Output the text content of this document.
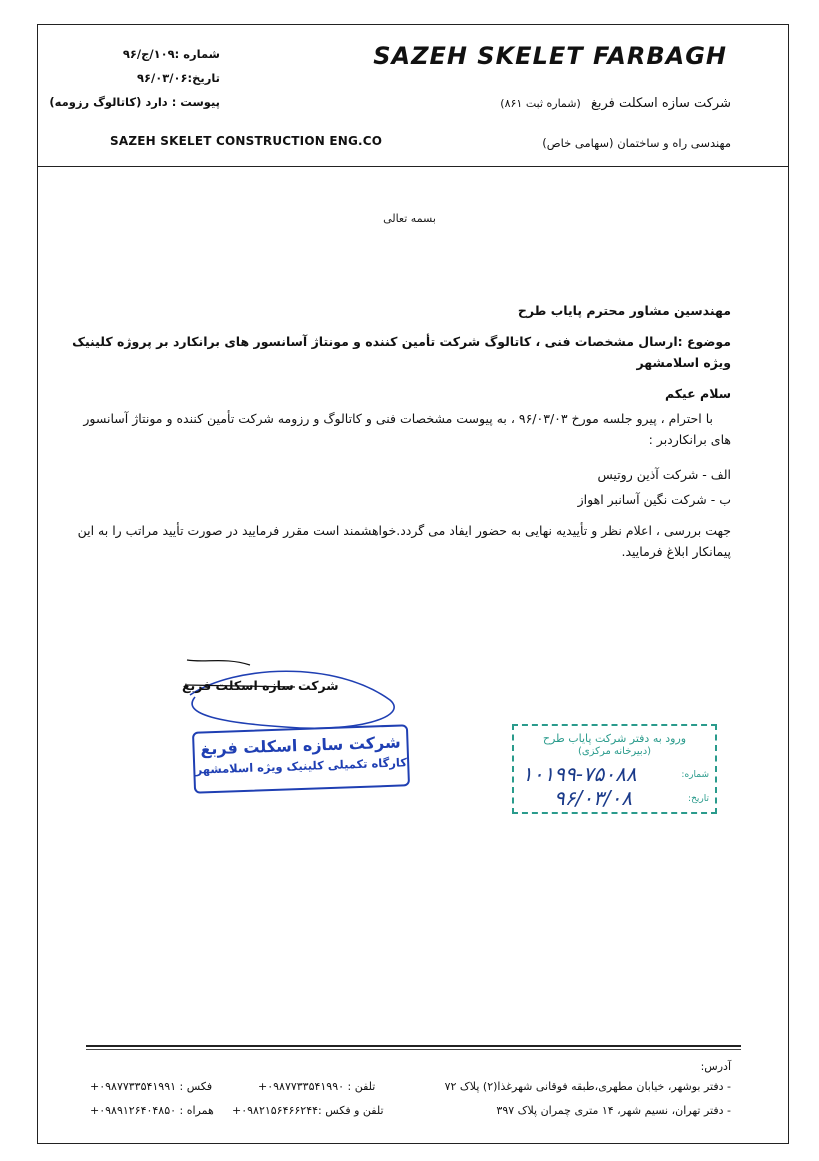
SAZEH SKELET FARBAGH
شرکت سازه اسکلت فربغ (شماره ثبت ۸۶۱)
مهندسی راه و ساختمان (سهامی خاص)
شماره :۱۰۹/ج/۹۶
تاریخ:۹۶/۰۳/۰۶
پیوست : دارد (کاتالوگ رزومه)
SAZEH SKELET CONSTRUCTION ENG.CO
بسمه تعالی
مهندسین مشاور محترم پایاب طرح
موضوع :ارسال مشخصات فنی ، کاتالوگ شرکت تأمین کننده و مونتاژ آسانسور های برانکارد بر پروژه کلینیک ویژه اسلامشهر
سلام عیکم
با احترام ، پیرو جلسه مورخ ۹۶/۰۳/۰۳ ، به پیوست مشخصات فنی و کاتالوگ و رزومه شرکت تأمین کننده و مونتاژ آسانسور های برانکاردبر :
الف - شرکت آذین روتیس
ب - شرکت نگین آسانبر اهواز
جهت بررسی ، اعلام نظر و تأییدیه نهایی به حضور ایفاد می گردد.خواهشمند است مقرر فرمایید در صورت تأیید مراتب را به این پیمانکار ابلاغ فرمایید.
شرکت سازه اسکلت فربغ
شرکت سازه اسکلت فربغ
کارگاه تکمیلی کلینیک ویژه اسلامشهر
ورود به دفتر شرکت پایاب طرح
(دبیرخانه مرکزی)
شماره:
۱۰۱۹۹-۷۵۰۸۸
تاریخ:
۹۶/۰۳/۰۸
آدرس:
- دفتر بوشهر، خیابان مطهری،طبقه فوقانی شهرغذا(۲) پلاک ۷۲
- دفتر تهران، نسیم شهر، ۱۴ متری چمران پلاک ۳۹۷
تلفن : ۰۹۸۷۷۳۳۵۴۱۹۹۰+
فکس : ۰۹۸۷۷۳۳۵۴۱۹۹۱+
تلفن و فکس :۰۹۸۲۱۵۶۴۶۶۲۴۴+
همراه : ۰۹۸۹۱۲۶۴۰۴۸۵۰+
